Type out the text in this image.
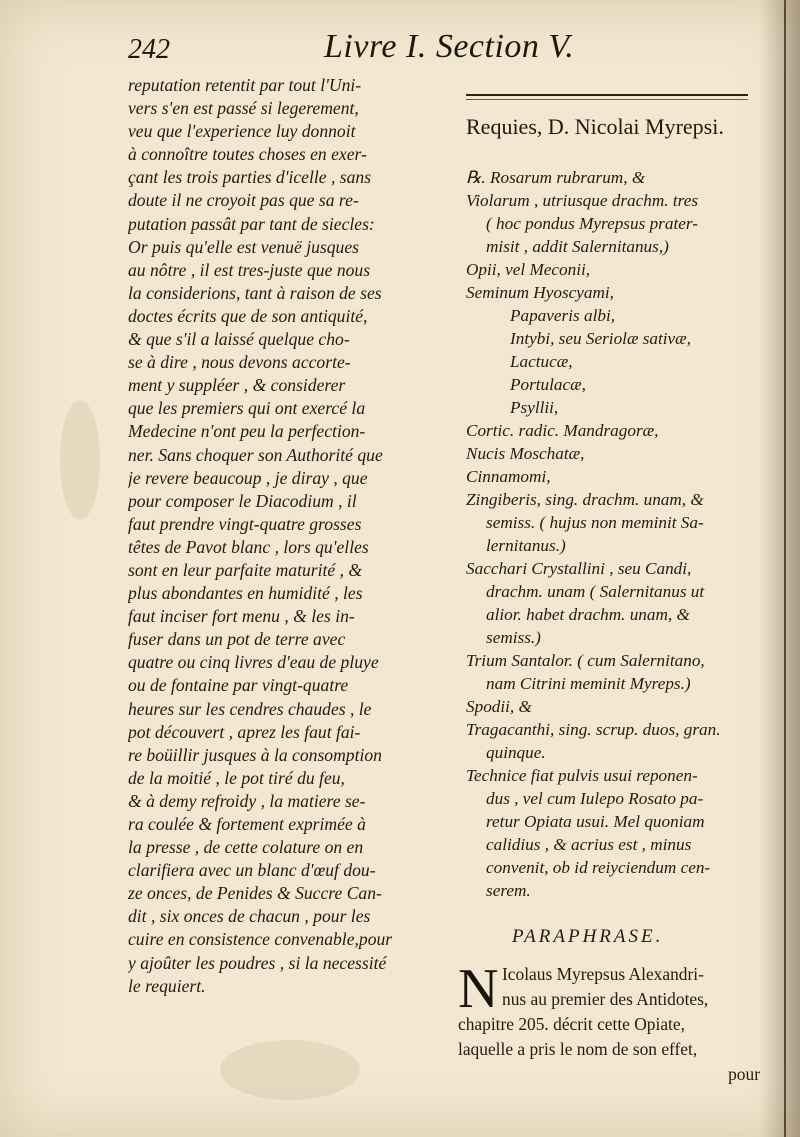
242	Livre I. Section V.
reputation retentit par tout l'Uni-
vers s'en est passé si legerement,
veu que l'experience luy donnoit
à connoître toutes choses en exer-
çant les trois parties d'icelle , sans
doute il ne croyoit pas que sa re-
putation passât par tant de siecles:
Or puis qu'elle est venuë jusques
au nôtre , il est tres-juste que nous
la considerions, tant à raison de ses
doctes écrits que de son antiquité,
& que s'il a laissé quelque cho-
se à dire , nous devons accorte-
ment y suppléer , & considerer
que les premiers qui ont exercé la
Medecine n'ont peu la perfection-
ner. Sans choquer son Authorité que
je revere beaucoup , je diray , que
pour composer le Diacodium , il
faut prendre vingt-quatre grosses
têtes de Pavot blanc , lors qu'elles
sont en leur parfaite maturité , &
plus abondantes en humidité , les
faut inciser fort menu , & les in-
fuser dans un pot de terre avec
quatre ou cinq livres d'eau de pluye
ou de fontaine par vingt-quatre
heures sur les cendres chaudes , le
pot découvert , aprez les faut fai-
re boüillir jusques à la consomption
de la moitié , le pot tiré du feu,
& à demy refroidy , la matiere se-
ra coulée & fortement exprimée à
la presse , de cette colature on en
clarifiera avec un blanc d'œuf dou-
ze onces, de Penides & Succre Can-
dit , six onces de chacun , pour les
cuire en consistence convenable,pour
y ajoûter les poudres , si la necessité
le requiert.
Requies, D. Nicolai Myrepsi.
℞. Rosarum rubrarum, &
Violarum , utriusque drachm. tres
( hoc pondus Myrepsus prater-
misit , addit Salernitanus,)
Opii, vel Meconii,
Seminum Hyoscyami,
Papaveris albi,
Intybi, seu Seriolæ sativæ,
Lactucæ,
Portulacæ,
Psyllii,
Cortic. radic. Mandragoræ,
Nucis Moschatæ,
Cinnamomi,
Zingiberis, sing. drachm. unam, &
semiss. ( hujus non meminit Sa-
lernitanus.)
Sacchari Crystallini , seu Candi,
drachm. unam ( Salernitanus ut
alior. habet drachm. unam, &
semiss.)
Trium Santalor. ( cum Salernitano,
nam Citrini meminit Myreps.)
Spodii, &
Tragacanthi, sing. scrup. duos, gran.
quinque.
Technice fiat pulvis usui reponen-
dus , vel cum Iulepo Rosato pa-
retur Opiata usui. Mel quoniam
calidius , & acrius est , minus
convenit, ob id reiyciendum cen-
serem.
PARAPHRASE.
N Icolaus Myrepsus Alexandri-
nus au premier des Antidotes,
chapitre 205. décrit cette Opiate,
laquelle a pris le nom de son effet,
pour
